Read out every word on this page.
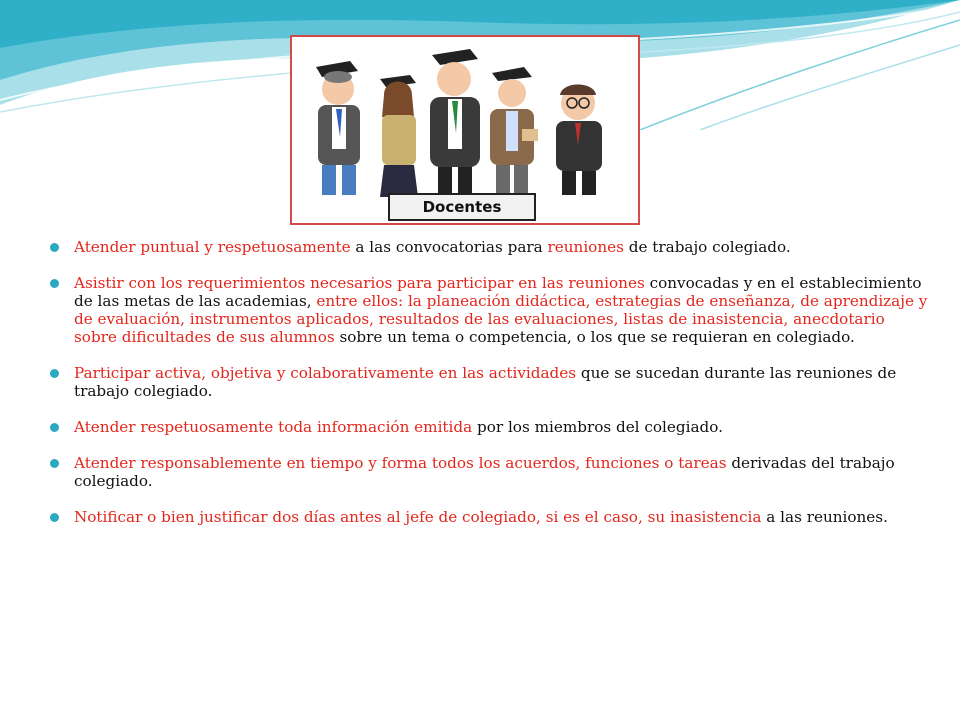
Docentes
Atender puntual y respetuosamente a las convocatorias para reuniones de trabajo colegiado.
Asistir con los requerimientos necesarios para participar en las reuniones convocadas y en el establecimiento de las metas de las academias, entre ellos: la planeación didáctica, estrategias de enseñanza, de aprendizaje y de evaluación, instrumentos aplicados, resultados de las evaluaciones, listas de inasistencia, anecdotario sobre dificultades de sus alumnos sobre un tema o competencia, o los que se requieran en colegiado.
Participar activa, objetiva y colaborativamente en las actividades que se sucedan durante las reuniones de trabajo colegiado.
Atender respetuosamente toda información emitida por los miembros del colegiado.
Atender responsablemente en tiempo y forma todos los acuerdos, funciones o tareas derivadas del trabajo colegiado.
Notificar o bien justificar dos días antes al jefe de colegiado, si es el caso, su inasistencia a las reuniones.
